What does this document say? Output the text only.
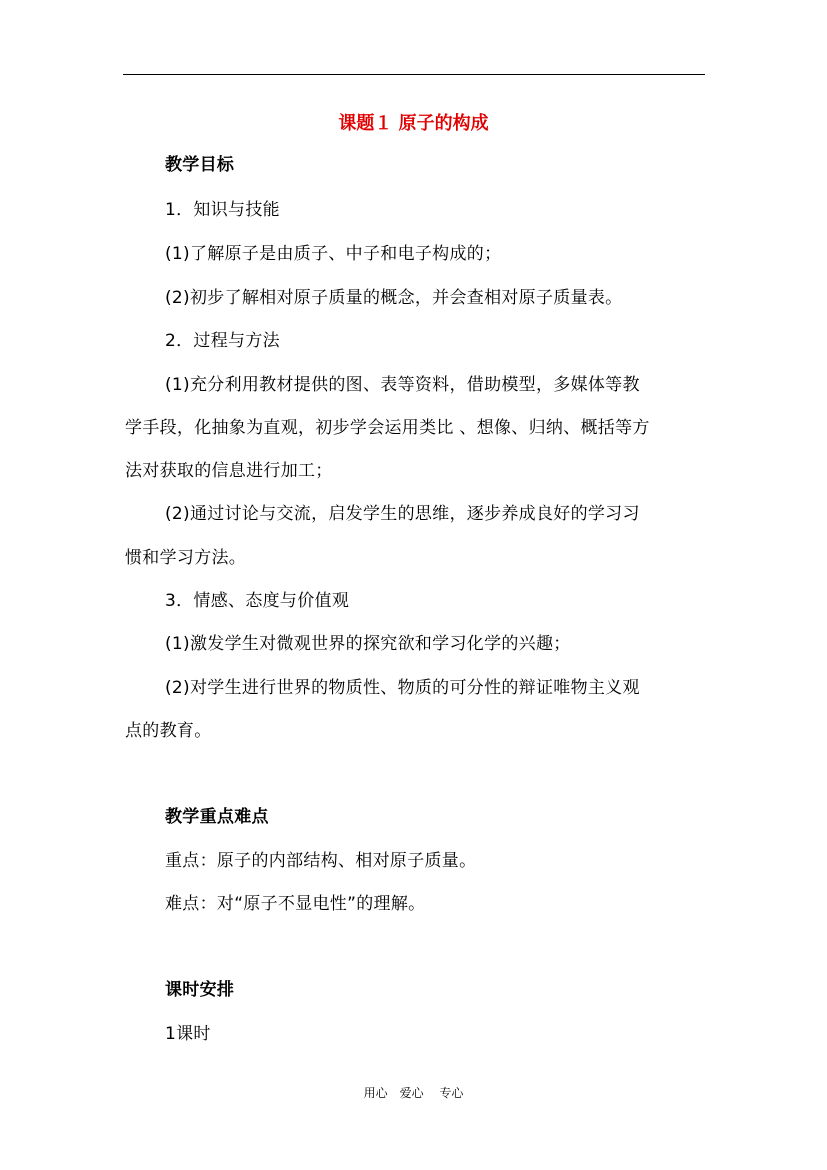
课题１ 原子的构成
教学目标
1．知识与技能
(1)了解原子是由质子、中子和电子构成的；
(2)初步了解相对原子质量的概念，并会查相对原子质量表。
2．过程与方法
(1)充分利用教材提供的图、表等资料，借助模型，多媒体等教
学手段，化抽象为直观，初步学会运用类比 、想像、归纳、概括等方
法对获取的信息进行加工；
(2)通过讨论与交流，启发学生的思维，逐步养成良好的学习习
惯和学习方法。
3．情感、态度与价值观
(1)激发学生对微观世界的探究欲和学习化学的兴趣；
(2)对学生进行世界的物质性、物质的可分性的辩证唯物主义观
点的教育。
教学重点难点
重点：原子的内部结构、相对原子质量。
难点：对“原子不显电性”的理解。
课时安排
1课时
用心　爱心　 专心
